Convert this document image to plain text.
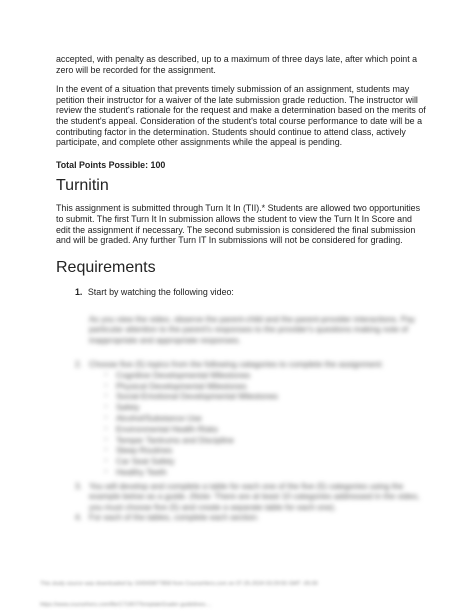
accepted, with penalty as described, up to a maximum of three days late, after which point a zero will be recorded for the assignment.

In the event of a situation that prevents timely submission of an assignment, students may petition their instructor for a waiver of the late submission grade reduction. The instructor will review the student's rationale for the request and make a determination based on the merits of the student's appeal. Consideration of the student's total course performance to date will be a contributing factor in the determination. Students should continue to attend class, actively participate, and complete other assignments while the appeal is pending.

Total Points Possible: 100

Turnitin

This assignment is submitted through Turn It In (TII).* Students are allowed two opportunities to submit. The first Turn It In submission allows the student to view the Turn It In Score and edit the assignment if necessary. The second submission is considered the final submission and will be graded. Any further Turn IT In submissions will not be considered for grading.

Requirements
1. Start by watching the following video:

As you view the video, observe the parent-child and the parent-provider interactions. Pay particular attention to the parent's responses to the provider's questions making note of inappropriate and appropriate responses.

2. Choose five (5) topics from the following categories to complete the assignment:

○ Cognitive Developmental Milestones
○ Physical Developmental Milestones
○ Social-Emotional Developmental Milestones
○ Safety
○ Alcohol/Substance Use
○ Environmental Health Risks
○ Temper Tantrums and Discipline
○ Sleep Routines
○ Car Seat Safety
○ Healthy Teeth

3. You will develop and complete a table for each one of the five (5) categories using the example below as a guide. (Note: There are at least 10 categories addressed in the video, you must choose five (5) and create a separate table for each one).

4. For each of the tables, complete each section:

This study source was downloaded by 100000877858 from CourseHero.com on 07-25-2024 03:29:55 GMT -05:00
https://www.coursehero.com/file/171907/TemplateGrader-guidelines-...
